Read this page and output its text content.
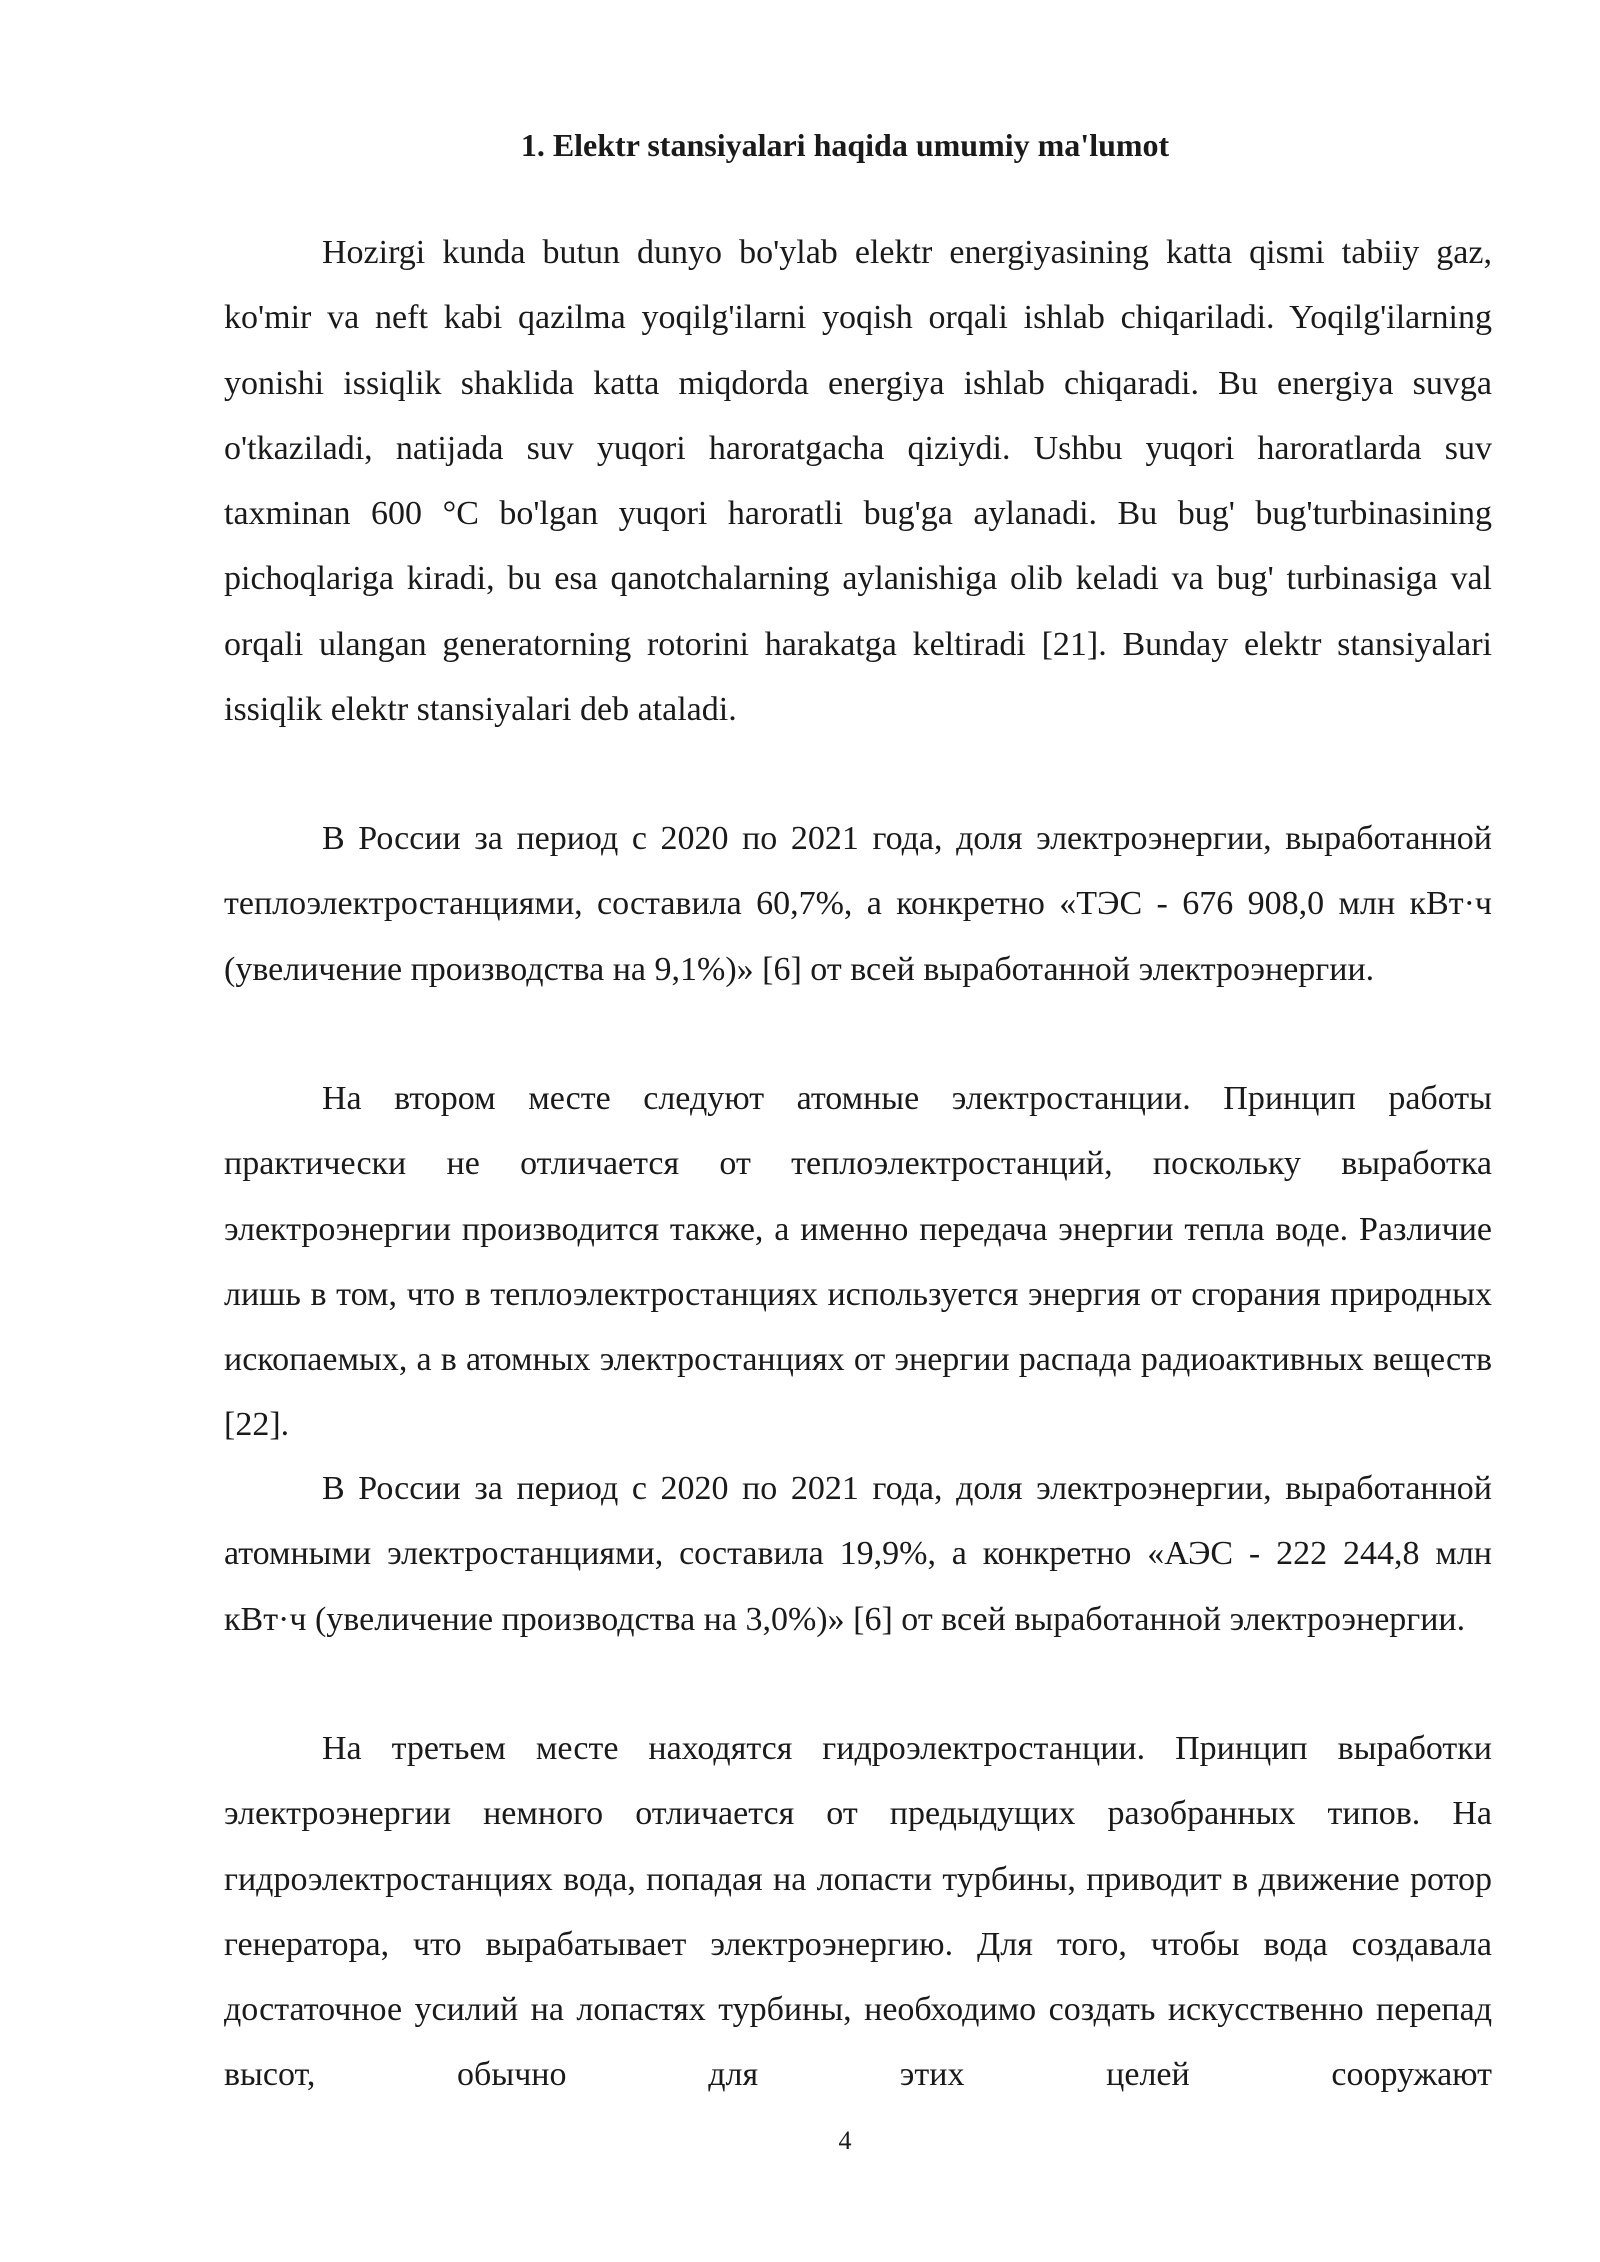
1. Elektr stansiyalari haqida umumiy ma'lumot

Hozirgi kunda butun dunyo bo'ylab elektr energiyasining katta qismi tabiiy gaz, ko'mir va neft kabi qazilma yoqilg'ilarni yoqish orqali ishlab chiqariladi. Yoqilg'ilarning yonishi issiqlik shaklida katta miqdorda energiya ishlab chiqaradi. Bu energiya suvga o'tkaziladi, natijada suv yuqori haroratgacha qiziydi. Ushbu yuqori haroratlarda suv taxminan 600 °C bo'lgan yuqori haroratli bug'ga aylanadi. Bu bug' bug'turbinasining pichoqlariga kiradi, bu esa qanotchalarning aylanishiga olib keladi va bug' turbinasiga val orqali ulangan generatorning rotorini harakatga keltiradi [21]. Bunday elektr stansiyalari issiqlik elektr stansiyalari deb ataladi.

В России за период с 2020 по 2021 года, доля электроэнергии, выработанной теплоэлектростанциями, составила 60,7%, а конкретно «ТЭС - 676 908,0 млн кВт·ч (увеличение производства на 9,1%)» [6] от всей выработанной электроэнергии.

На втором месте следуют атомные электростанции. Принцип работы практически не отличается от теплоэлектростанций, поскольку выработка электроэнергии производится также, а именно передача энергии тепла воде. Различие лишь в том, что в теплоэлектростанциях используется энергия от сгорания природных ископаемых, а в атомных электростанциях от энергии распада радиоактивных веществ [22].

В России за период с 2020 по 2021 года, доля электроэнергии, выработанной атомными электростанциями, составила 19,9%, а конкретно «АЭС - 222 244,8 млн кВт·ч (увеличение производства на 3,0%)» [6] от всей выработанной электроэнергии.

На третьем месте находятся гидроэлектростанции. Принцип выработки электроэнергии немного отличается от предыдущих разобранных типов. На гидроэлектростанциях вода, попадая на лопасти турбины, приводит в движение ротор генератора, что вырабатывает электроэнергию. Для того, чтобы вода создавала достаточное усилий на лопастях турбины, необходимо создать искусственно перепад высот, обычно для этих целей сооружают

4
